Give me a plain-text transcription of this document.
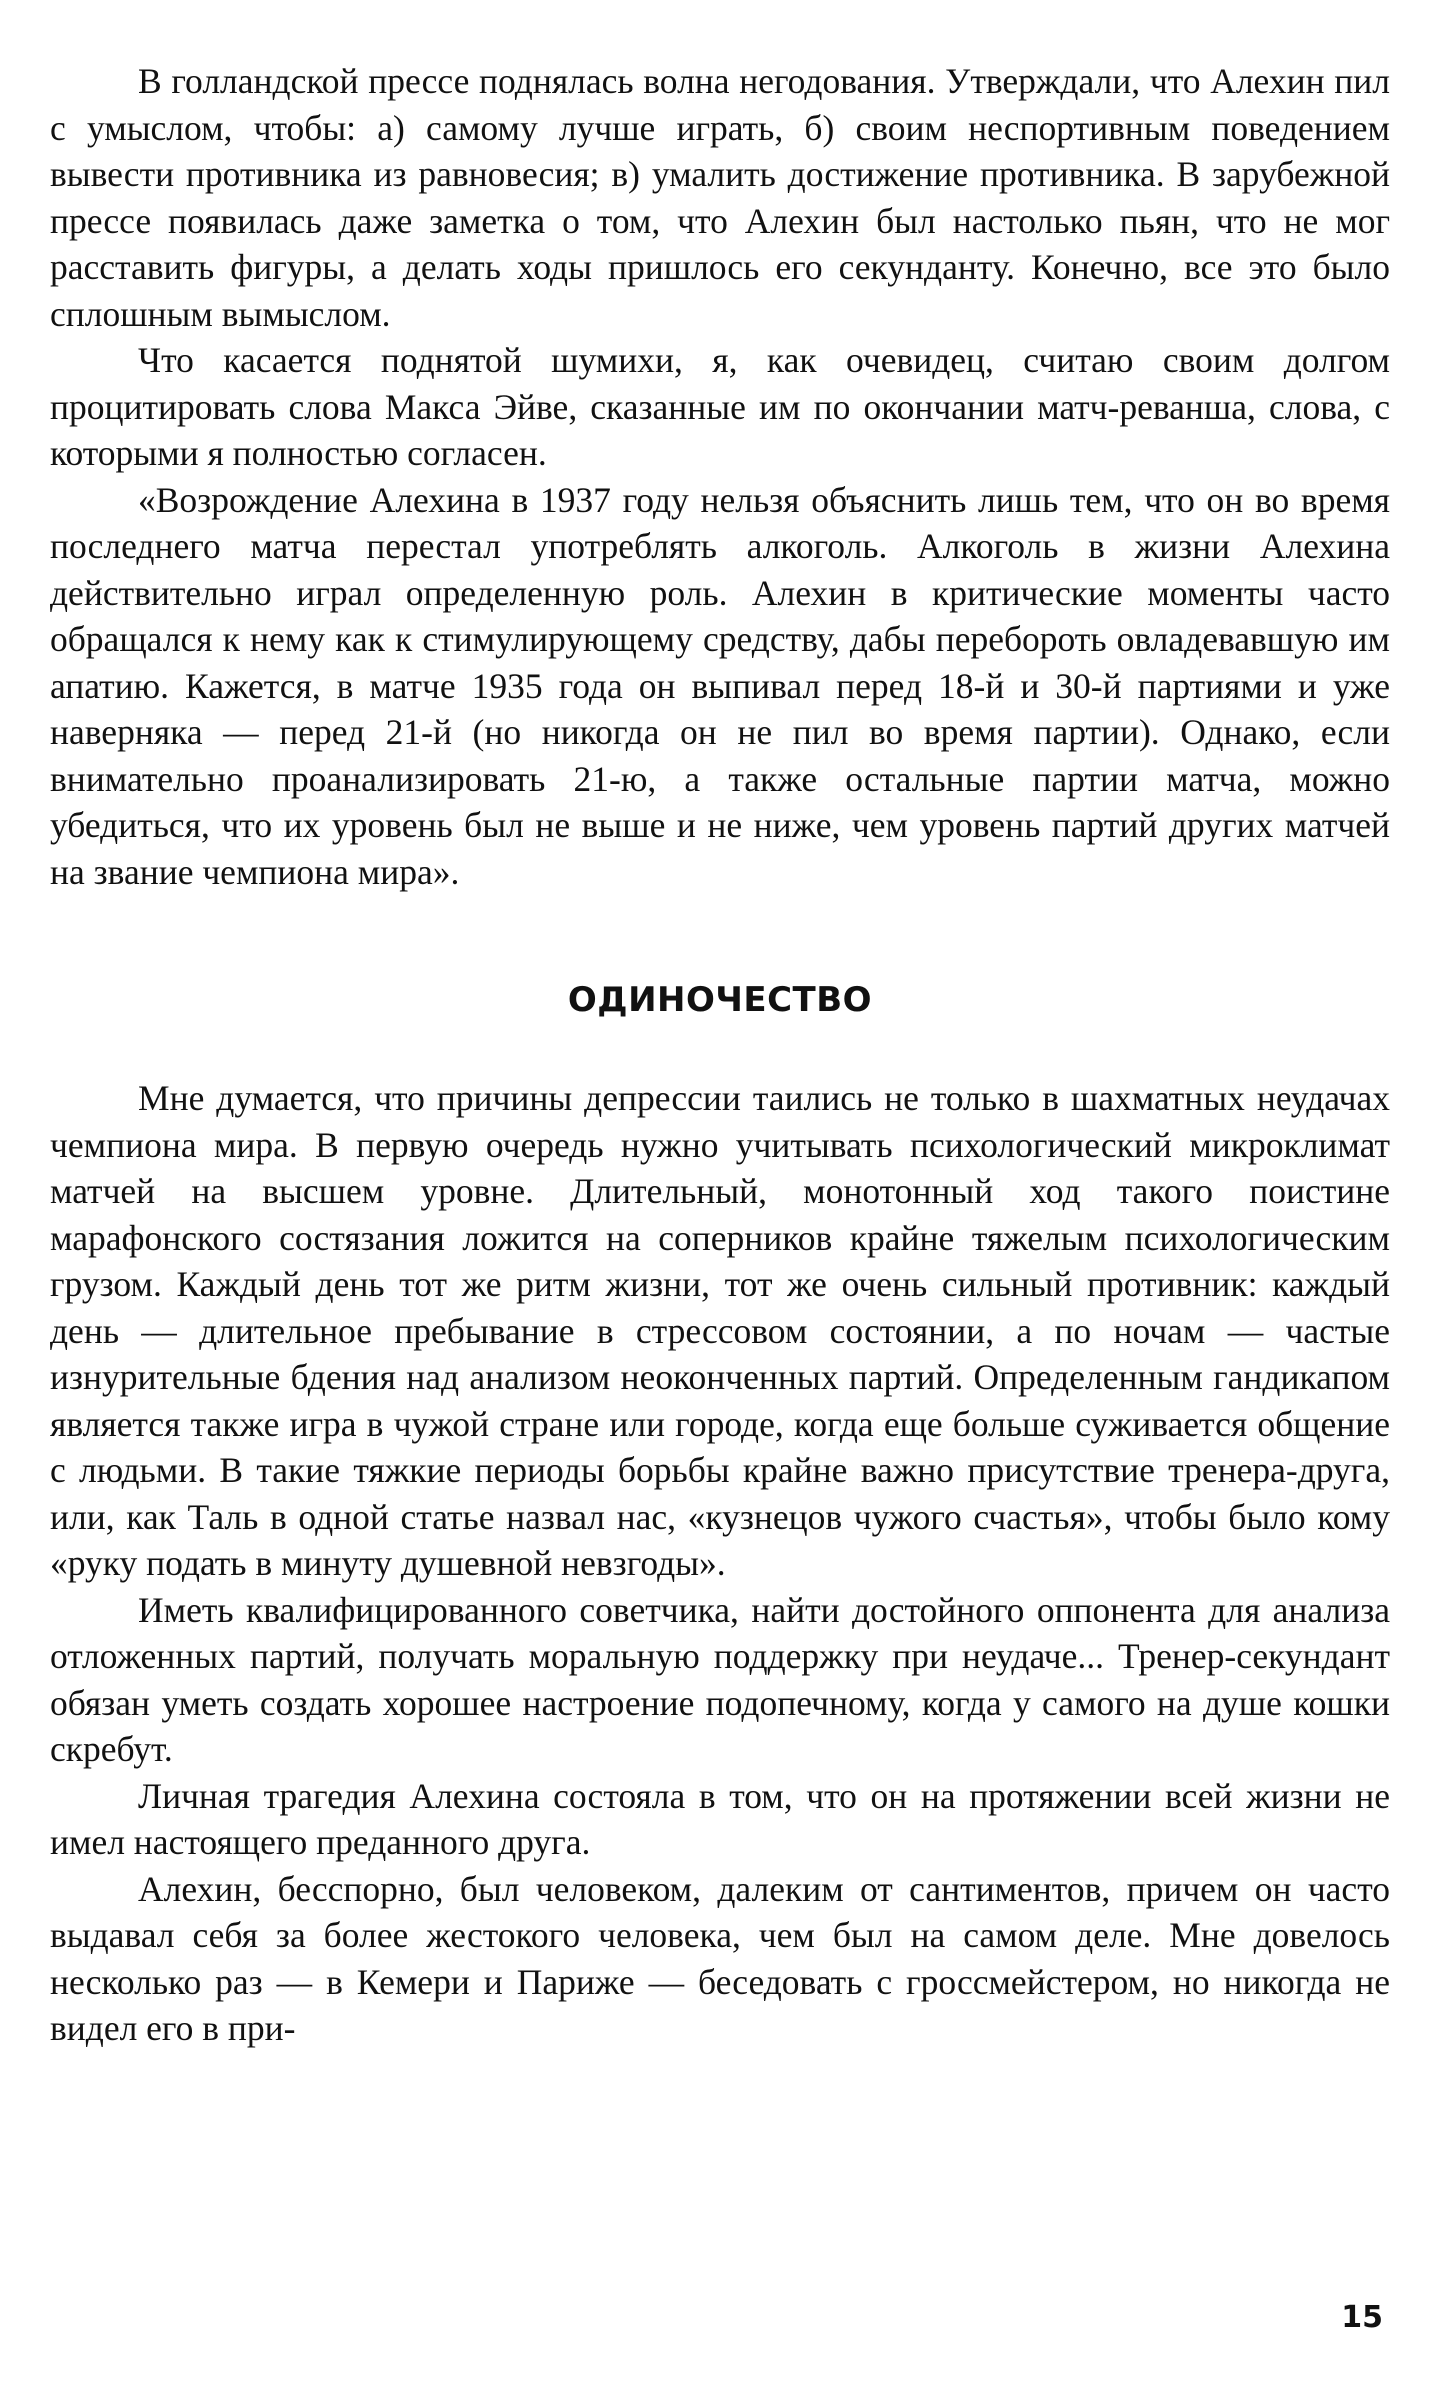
В голландской прессе поднялась волна негодования. Утверждали, что Алехин пил с умыслом, чтобы: а) самому лучше играть, б) своим неспортивным поведением вывести противника из равновесия; в) умалить достижение противника. В зарубежной прессе появилась даже заметка о том, что Алехин был настолько пьян, что не мог расставить фигуры, а делать ходы пришлось его секунданту. Конечно, все это было сплошным вымыслом.

Что касается поднятой шумихи, я, как очевидец, считаю своим долгом процитировать слова Макса Эйве, сказанные им по окончании матч-реванша, слова, с которыми я полностью согласен.

«Возрождение Алехина в 1937 году нельзя объяснить лишь тем, что он во время последнего матча перестал употреблять алкоголь. Алкоголь в жизни Алехина действительно играл определенную роль. Алехин в критические моменты часто обращался к нему как к стимулирующему средству, дабы перебороть овладевавшую им апатию. Кажется, в матче 1935 года он выпивал перед 18-й и 30-й партиями и уже наверняка — перед 21-й (но никогда он не пил во время партии). Однако, если внимательно проанализировать 21-ю, а также остальные партии матча, можно убедиться, что их уровень был не выше и не ниже, чем уровень партий других матчей на звание чемпиона мира».

ОДИНОЧЕСТВО

Мне думается, что причины депрессии таились не только в шахматных неудачах чемпиона мира. В первую очередь нужно учитывать психологический микроклимат матчей на высшем уровне. Длительный, монотонный ход такого поистине марафонского состязания ложится на соперников крайне тяжелым психологическим грузом. Каждый день тот же ритм жизни, тот же очень сильный противник: каждый день — длительное пребывание в стрессовом состоянии, а по ночам — частые изнурительные бдения над анализом неоконченных партий. Определенным гандикапом является также игра в чужой стране или городе, когда еще больше суживается общение с людьми. В такие тяжкие периоды борьбы крайне важно присутствие тренера-друга, или, как Таль в одной статье назвал нас, «кузнецов чужого счастья», чтобы было кому «руку подать в минуту душевной невзгоды».

Иметь квалифицированного советчика, найти достойного оппонента для анализа отложенных партий, получать моральную поддержку при неудаче... Тренер-секундант обязан уметь создать хорошее настроение подопечному, когда у самого на душе кошки скребут.

Личная трагедия Алехина состояла в том, что он на протяжении всей жизни не имел настоящего преданного друга.

Алехин, бесспорно, был человеком, далеким от сантиментов, причем он часто выдавал себя за более жестокого человека, чем был на самом деле. Мне довелось несколько раз — в Кемери и Париже — беседовать с гроссмейстером, но никогда не видел его в при-

15
